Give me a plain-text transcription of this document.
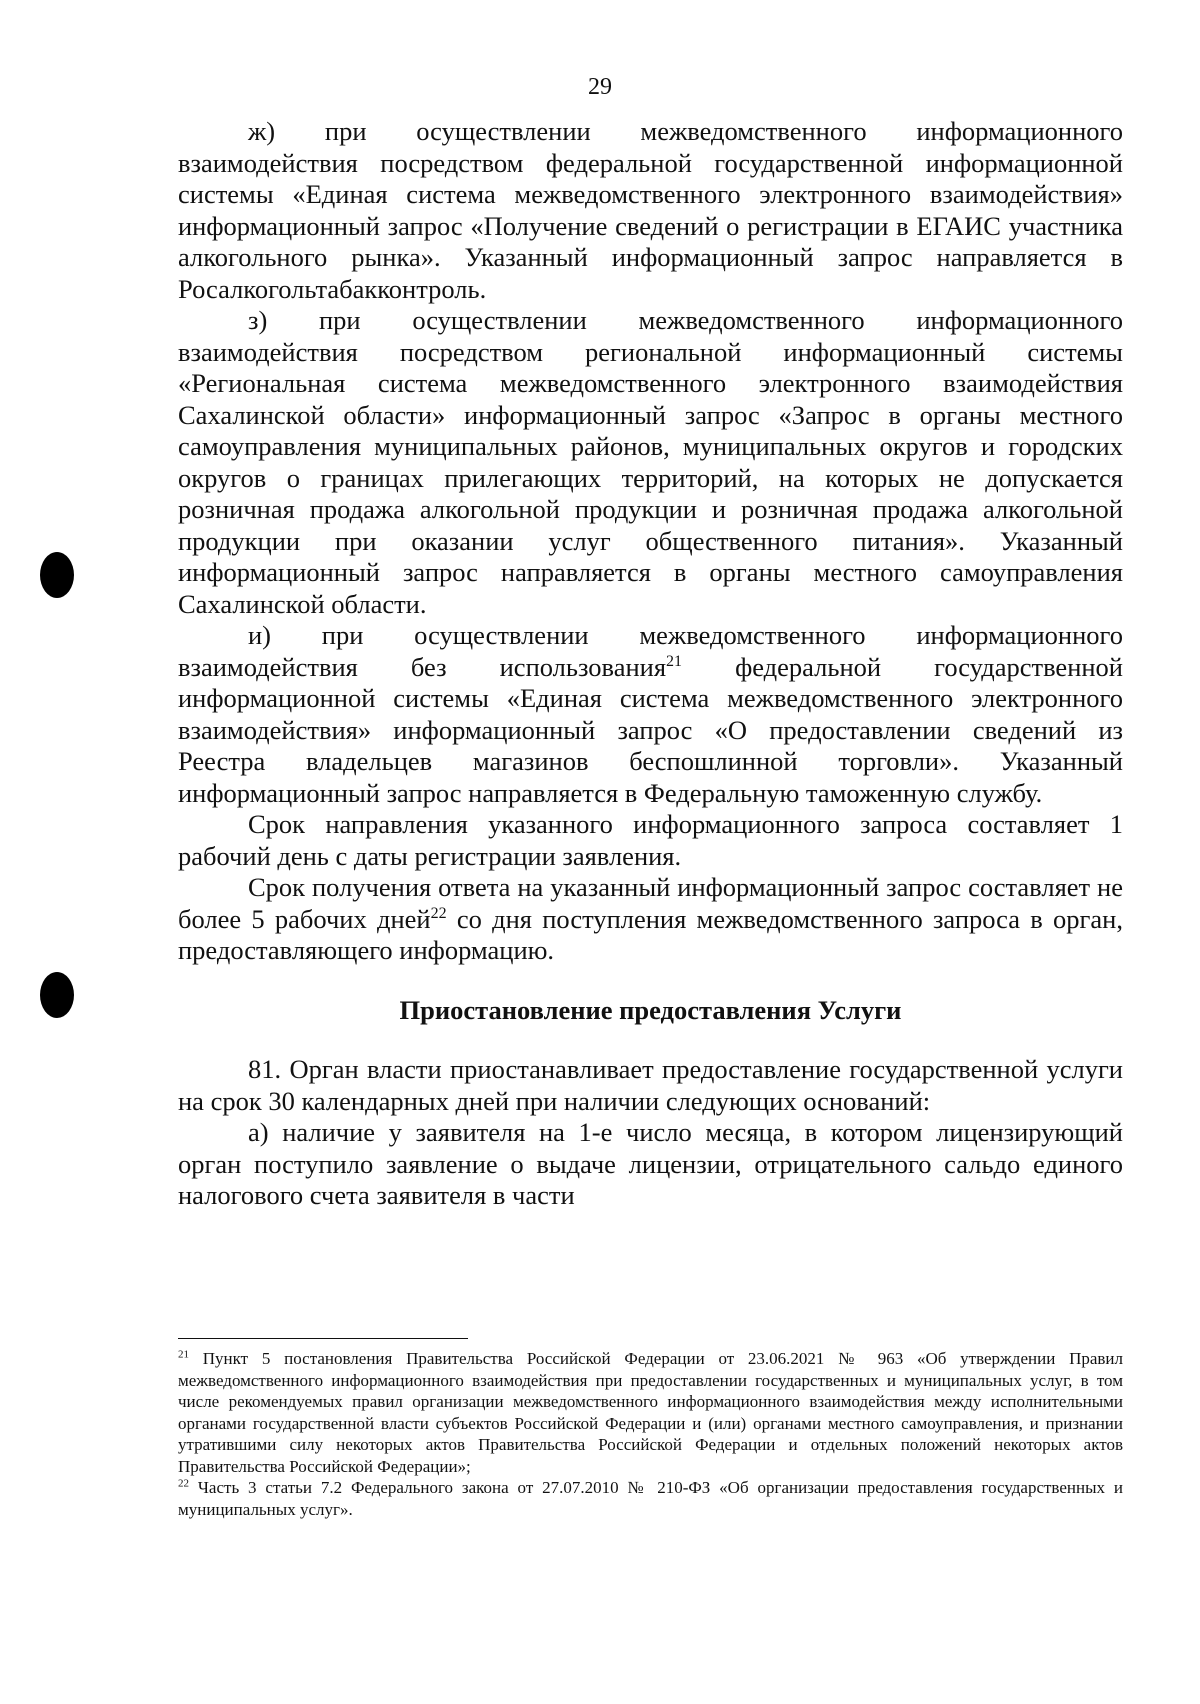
29

ж) при осуществлении межведомственного информационного взаимодействия посредством федеральной государственной информационной системы «Единая система межведомственного электронного взаимодействия» информационный запрос «Получение сведений о регистрации в ЕГАИС участника алкогольного рынка». Указанный информационный запрос направляется в Росалкогольтабакконтроль.

з) при осуществлении межведомственного информационного взаимодействия посредством региональной информационный системы «Региональная система межведомственного электронного взаимодействия Сахалинской области» информационный запрос «Запрос в органы местного самоуправления муниципальных районов, муниципальных округов и городских округов о границах прилегающих территорий, на которых не допускается розничная продажа алкогольной продукции и розничная продажа алкогольной продукции при оказании услуг общественного питания». Указанный информационный запрос направляется в органы местного самоуправления Сахалинской области.

и) при осуществлении межведомственного информационного взаимодействия без использования$^{21}$ федеральной государственной информационной системы «Единая система межведомственного электронного взаимодействия» информационный запрос «О предоставлении сведений из Реестра владельцев магазинов беспошлинной торговли». Указанный информационный запрос направляется в Федеральную таможенную службу.

Срок направления указанного информационного запроса составляет 1 рабочий день с даты регистрации заявления.

Срок получения ответа на указанный информационный запрос составляет не более 5 рабочих дней$^{22}$ со дня поступления межведомственного запроса в орган, предоставляющего информацию.

Приостановление предоставления Услуги

81. Орган власти приостанавливает предоставление государственной услуги на срок 30 календарных дней при наличии следующих оснований:

а) наличие у заявителя на 1-е число месяца, в котором лицензирующий орган поступило заявление о выдаче лицензии, отрицательного сальдо единого налогового счета заявителя в части

$^{21}$ Пункт 5 постановления Правительства Российской Федерации от 23.06.2021 № 963 «Об утверждении Правил межведомственного информационного взаимодействия при предоставлении государственных и муниципальных услуг, в том числе рекомендуемых правил организации межведомственного информационного взаимодействия между исполнительными органами государственной власти субъектов Российской Федерации и (или) органами местного самоуправления, и признании утратившими силу некоторых актов Правительства Российской Федерации и отдельных положений некоторых актов Правительства Российской Федерации»;

$^{22}$ Часть 3 статьи 7.2 Федерального закона от 27.07.2010 № 210-ФЗ «Об организации предоставления государственных и муниципальных услуг».
